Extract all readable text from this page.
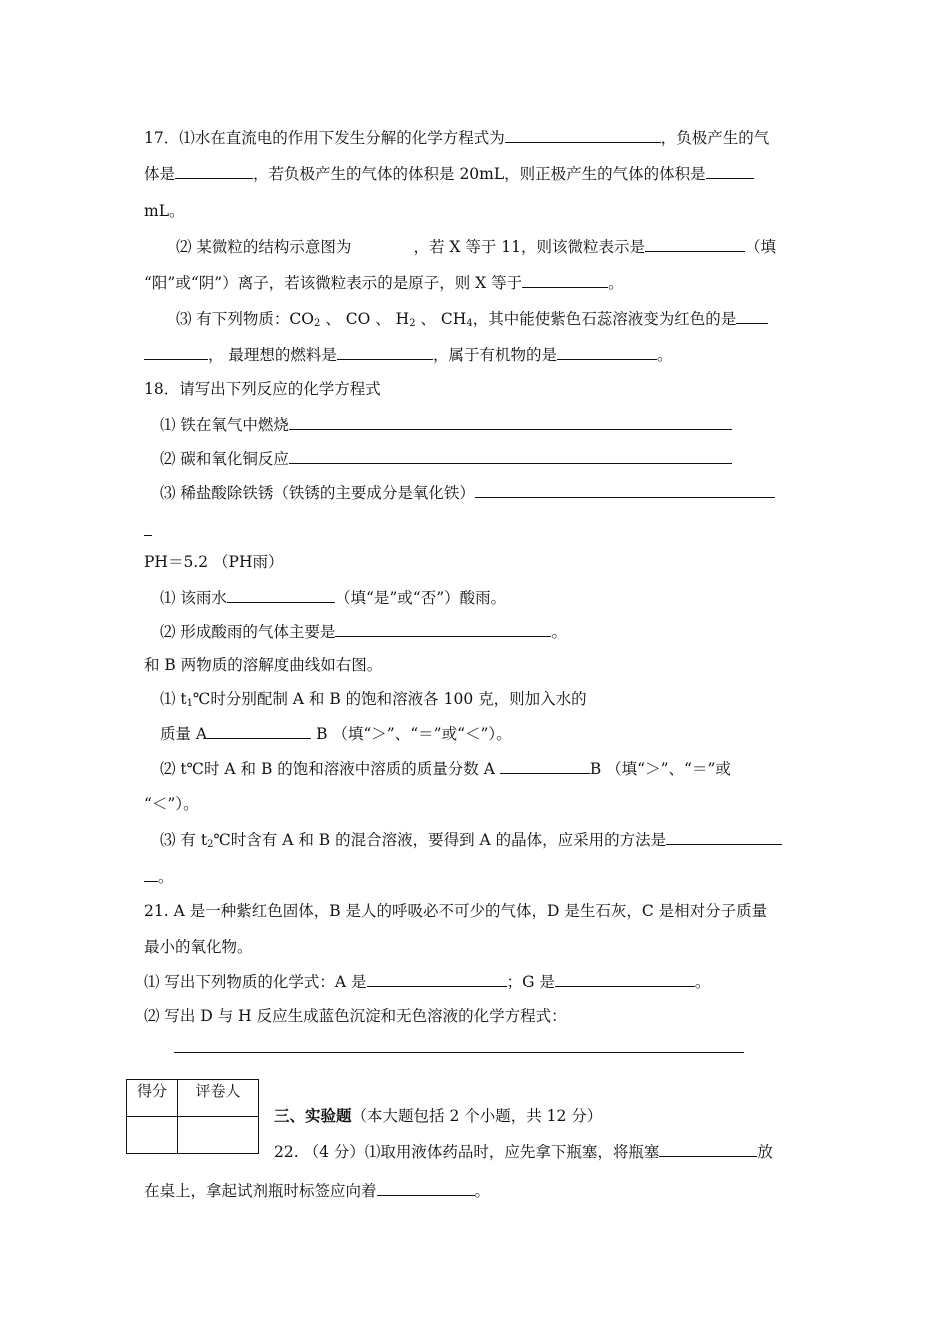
17．⑴水在直流电的作用下发生分解的化学方程式为	，负极产生的气
体是	，若负极产生的气体的体积是 20mL，则正极产生的气体的体积是
mL。
⑵ 某微粒的结构示意图为	，若 X 等于 11，则该微粒表示是	（填
“阳”或“阴”）离子，若该微粒表示的是原子，则 X 等于	。
⑶ 有下列物质：$CO_2$ 、 CO 、 $H_2$ 、 $CH_4$，其中能使紫色石蕊溶液变为红色的是
， 最理想的燃料是	，属于有机物的是	。
18．请写出下列反应的化学方程式
⑴ 铁在氧气中燃烧
⑵ 碳和氧化铜反应
⑶ 稀盐酸除铁锈（铁锈的主要成分是氧化铁）
PH＝5.2 （PH雨）
⑴ 该雨水	（填“是”或“否”）酸雨。
⑵ 形成酸雨的气体主要是	。
和 B 两物质的溶解度曲线如右图。
⑴ $t_1℃$时分别配制 A 和 B 的饱和溶液各 100 克，则加入水的
质量 A	B （填“＞”、“＝”或“＜”）。
⑵ t℃时 A 和 B 的饱和溶液中溶质的质量分数 A	B （填“＞”、“＝”或
“＜”）。
⑶ 有 $t_2℃$时含有 A 和 B 的混合溶液，要得到 A 的晶体，应采用的方法是
。
21. A 是一种紫红色固体，B 是人的呼吸必不可少的气体，D 是生石灰，C 是相对分子质量
最小的氧化物。
⑴ 写出下列物质的化学式：A 是	；G 是	。
⑵ 写出 D 与 H 反应生成蓝色沉淀和无色溶液的化学方程式：
得分	评卷人

三、实验题（本大题包括 2 个小题，共 12 分）
22. （4 分）⑴取用液体药品时，应先拿下瓶塞，将瓶塞	放
在桌上，拿起试剂瓶时标签应向着	。
